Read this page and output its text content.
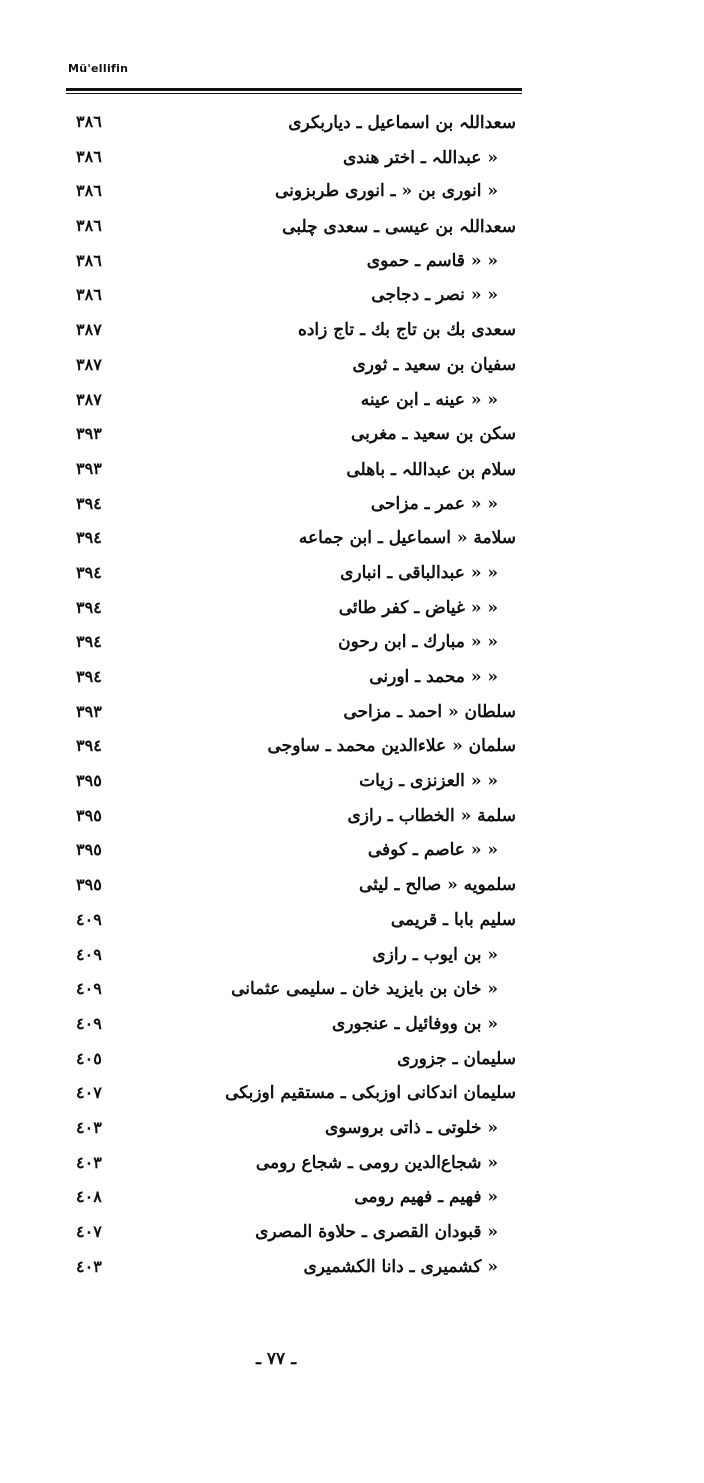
Mü'ellifin
سعداللہ بن اسماعیل ـ دیاربکری
۳۸٦
« عبداللہ ـ اختر هندی
۳۸٦
« انوری بن « ـ انوری طربزونی
۳۸٦
سعداللہ بن عیسی ـ سعدی چلبی
۳۸٦
« « قاسم ـ حموی
۳۸٦
« « نصر ـ دجاجی
۳۸٦
سعدی بك بن تاج بك ـ تاج زاده
۳۸۷
سفیان بن سعید ـ ثوری
۳۸۷
« « عینه ـ ابن عینه
۳۸۷
سکن بن سعید ـ مغربی
۳۹۳
سلام بن عبداللہ ـ باهلی
۳۹۳
« « عمر ـ مزاحی
۳۹٤
سلامة « اسماعیل ـ ابن جماعه
۳۹٤
« « عبدالباقی ـ انباری
۳۹٤
« « غیاض ـ کفر طائی
۳۹٤
« « مبارك ـ ابن رحون
۳۹٤
« « محمد ـ اورنی
۳۹٤
سلطان « احمد ـ مزاحی
۳۹۳
سلمان « علاءالدین محمد ـ ساوجی
۳۹٤
« « العزنزی ـ زیات
۳۹٥
سلمة « الخطاب ـ رازی
۳۹٥
« « عاصم ـ کوفی
۳۹٥
سلمویه « صالح ـ لیثی
۳۹٥
سلیم بابا ـ قریمی
٤٠۹
« بن ایوب ـ رازی
٤٠۹
« خان بن بایزید خان ـ سلیمی عثمانی
٤٠۹
« بن ووفائیل ـ عنجوری
٤٠۹
سلیمان ـ جزوری
٤٠٥
سلیمان اندکانی اوزبکی ـ مستقیم اوزبکی
٤٠۷
« خلوتی ـ ذاتی بروسوی
٤٠۳
« شجاع‌الدین رومی ـ شجاع رومی
٤٠۳
« فهیم ـ فهیم رومی
٤٠۸
« قبودان القصری ـ حلاوة المصری
٤٠۷
« کشمیری ـ دانا الکشمیری
٤٠۳
ـ ۷۷ ـ
